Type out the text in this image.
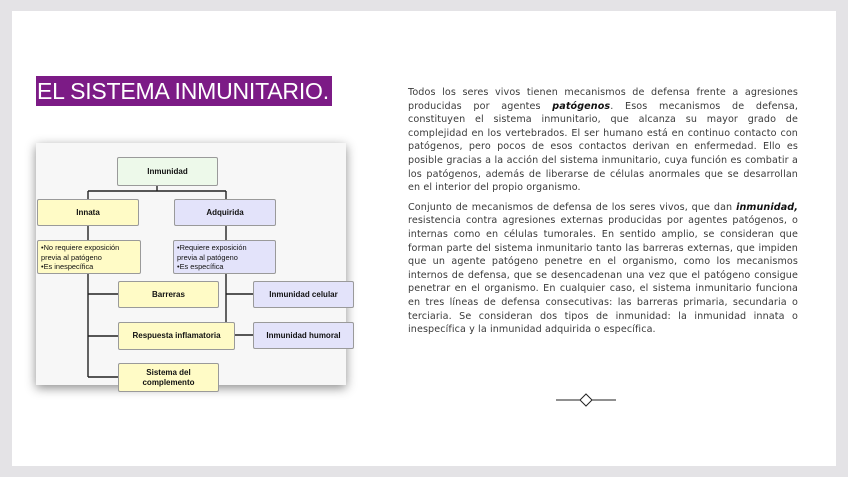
EL SISTEMA INMUNITARIO.
Inmunidad
Innata	Adquirida
•No requiere exposición
previa al patógeno
•Es inespecífica
•Requiere exposición
previa al patógeno
•Es específica
Barreras
Respuesta inflamatoria
Sistema del
complemento
Inmunidad celular
Inmunidad humoral

Todos los seres vivos tienen mecanismos de defensa frente a agresiones producidas por agentes patógenos. Esos mecanismos de defensa, constituyen el sistema inmunitario, que alcanza su mayor grado de complejidad en los vertebrados. El ser humano está en continuo contacto con patógenos, pero pocos de esos contactos derivan en enfermedad. Ello es posible gracias a la acción del sistema inmunitario, cuya función es combatir a los patógenos, además de liberarse de células anormales que se desarrollan en el interior del propio organismo.

Conjunto de mecanismos de defensa de los seres vivos, que dan inmunidad, resistencia contra agresiones externas producidas por agentes patógenos, o internas como en células tumorales. En sentido amplio, se consideran que forman parte del sistema inmunitario tanto las barreras externas, que impiden que un agente patógeno penetre en el organismo, como los mecanismos internos de defensa, que se desencadenan una vez que el patógeno consigue penetrar en el organismo. En cualquier caso, el sistema inmunitario funciona en tres líneas de defensa consecutivas: las barreras primaria, secundaria o terciaria. Se consideran dos tipos de inmunidad: la inmunidad innata o inespecífica y la inmunidad adquirida o específica.
